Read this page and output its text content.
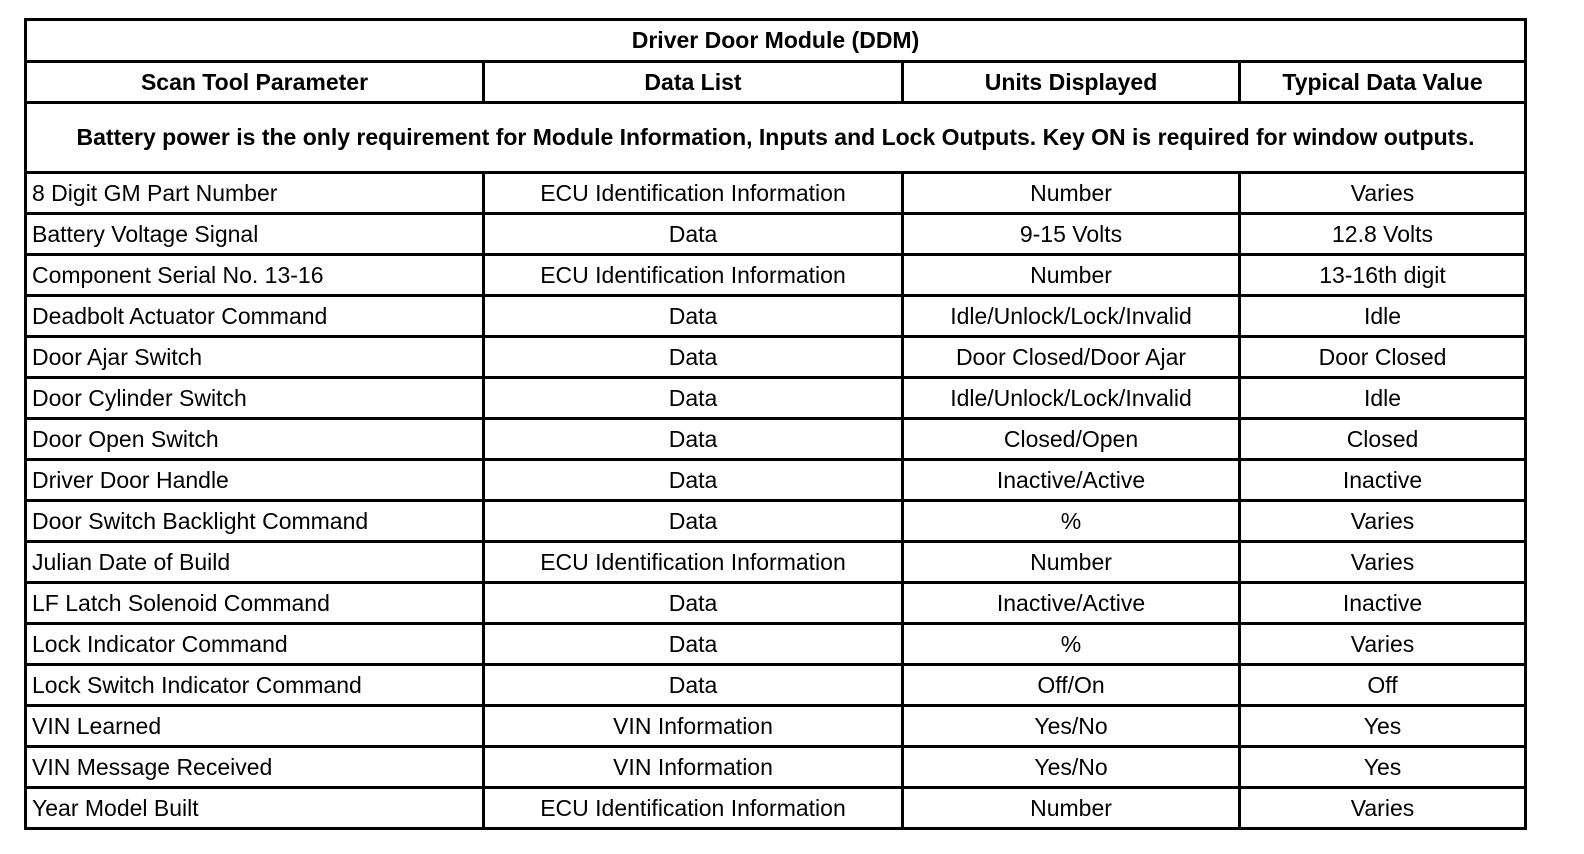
Driver Door Module (DDM)			
Scan Tool Parameter	Data List	Units Displayed	Typical Data Value
Battery power is the only requirement for Module Information, Inputs and Lock Outputs. Key ON is required for window outputs.			
8 Digit GM Part Number	ECU Identification Information	Number	Varies
Battery Voltage Signal	Data	9-15 Volts	12.8 Volts
Component Serial No. 13-16	ECU Identification Information	Number	13-16th digit
Deadbolt Actuator Command	Data	Idle/Unlock/Lock/Invalid	Idle
Door Ajar Switch	Data	Door Closed/Door Ajar	Door Closed
Door Cylinder Switch	Data	Idle/Unlock/Lock/Invalid	Idle
Door Open Switch	Data	Closed/Open	Closed
Driver Door Handle	Data	Inactive/Active	Inactive
Door Switch Backlight Command	Data	%	Varies
Julian Date of Build	ECU Identification Information	Number	Varies
LF Latch Solenoid Command	Data	Inactive/Active	Inactive
Lock Indicator Command	Data	%	Varies
Lock Switch Indicator Command	Data	Off/On	Off
VIN Learned	VIN Information	Yes/No	Yes
VIN Message Received	VIN Information	Yes/No	Yes
Year Model Built	ECU Identification Information	Number	Varies
